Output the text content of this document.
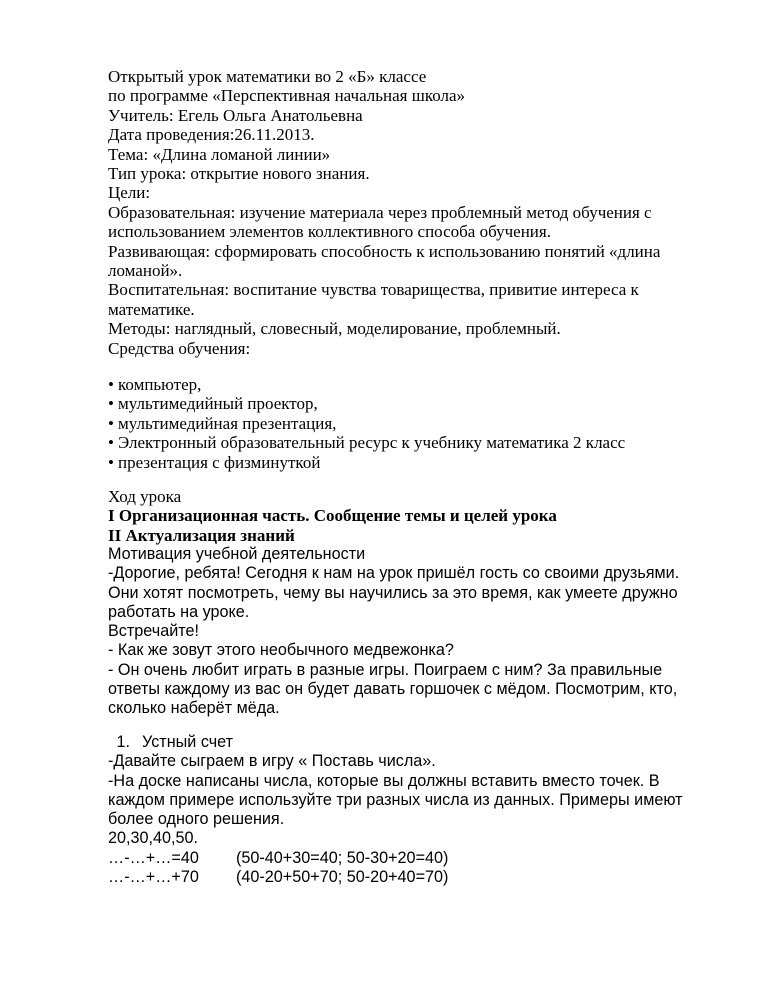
Открытый урок математики во 2 «Б» классе
по программе «Перспективная начальная школа»
Учитель: Егель Ольга Анатольевна
Дата проведения:26.11.2013.
Тема: «Длина ломаной линии»
Тип урока: открытие нового знания.
Цели:
Образовательная: изучение материала через проблемный метод обучения с
использованием элементов коллективного способа обучения.
Развивающая: сформировать способность к использованию понятий «длина
ломаной».
Воспитательная: воспитание чувства товарищества, привитие интереса к
математике.
Методы: наглядный, словесный, моделирование, проблемный.
Средства обучения:
• компьютер,
• мультимедийный проектор,
• мультимедийная презентация,
• Электронный образовательный ресурс к учебнику математика 2 класс
• презентация с физминуткой
Ход урока
I Организационная часть. Сообщение темы и целей урока
II Актуализация знаний
Мотивация учебной деятельности
-Дорогие, ребята! Сегодня к нам на урок пришёл гость со своими друзьями.
Они хотят посмотреть, чему вы научились за это время, как умеете дружно
работать на уроке.
Встречайте!
- Как же зовут этого необычного медвежонка?
- Он очень любит играть в разные игры. Поиграем с ним? За правильные
ответы каждому из вас он будет давать горшочек с мёдом. Посмотрим, кто,
сколько наберёт мёда.
1. Устный счет
-Давайте сыграем в игру « Поставь числа».
-На доске написаны числа, которые вы должны вставить вместо точек. В
каждом примере используйте три разных числа из данных. Примеры имеют
более одного решения.
20,30,40,50.
…-…+…=40	(50-40+30=40; 50-30+20=40)
…-…+…+70	(40-20+50+70; 50-20+40=70)
